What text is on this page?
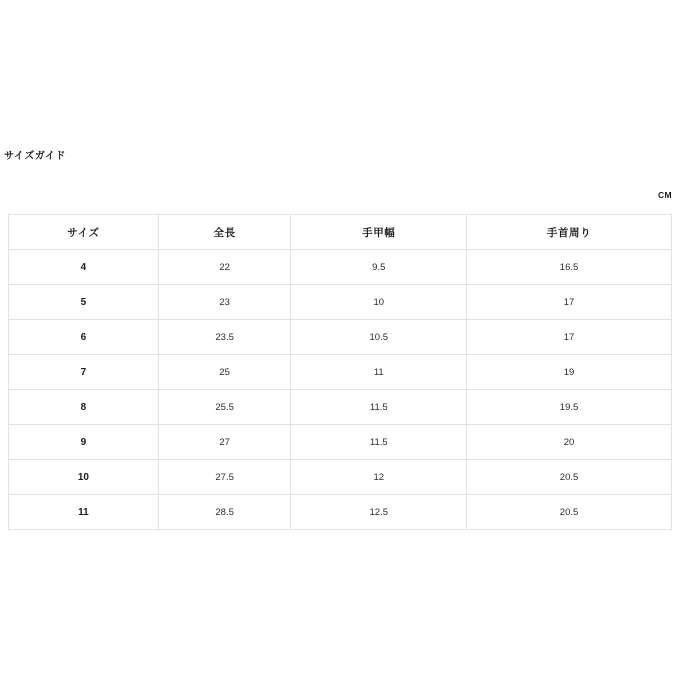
サイズガイド
CM
サイズ	全長	手甲幅	手首周り
4	22	9.5	16.5
5	23	10	17
6	23.5	10.5	17
7	25	11	19
8	25.5	11.5	19.5
9	27	11.5	20
10	27.5	12	20.5
11	28.5	12.5	20.5
